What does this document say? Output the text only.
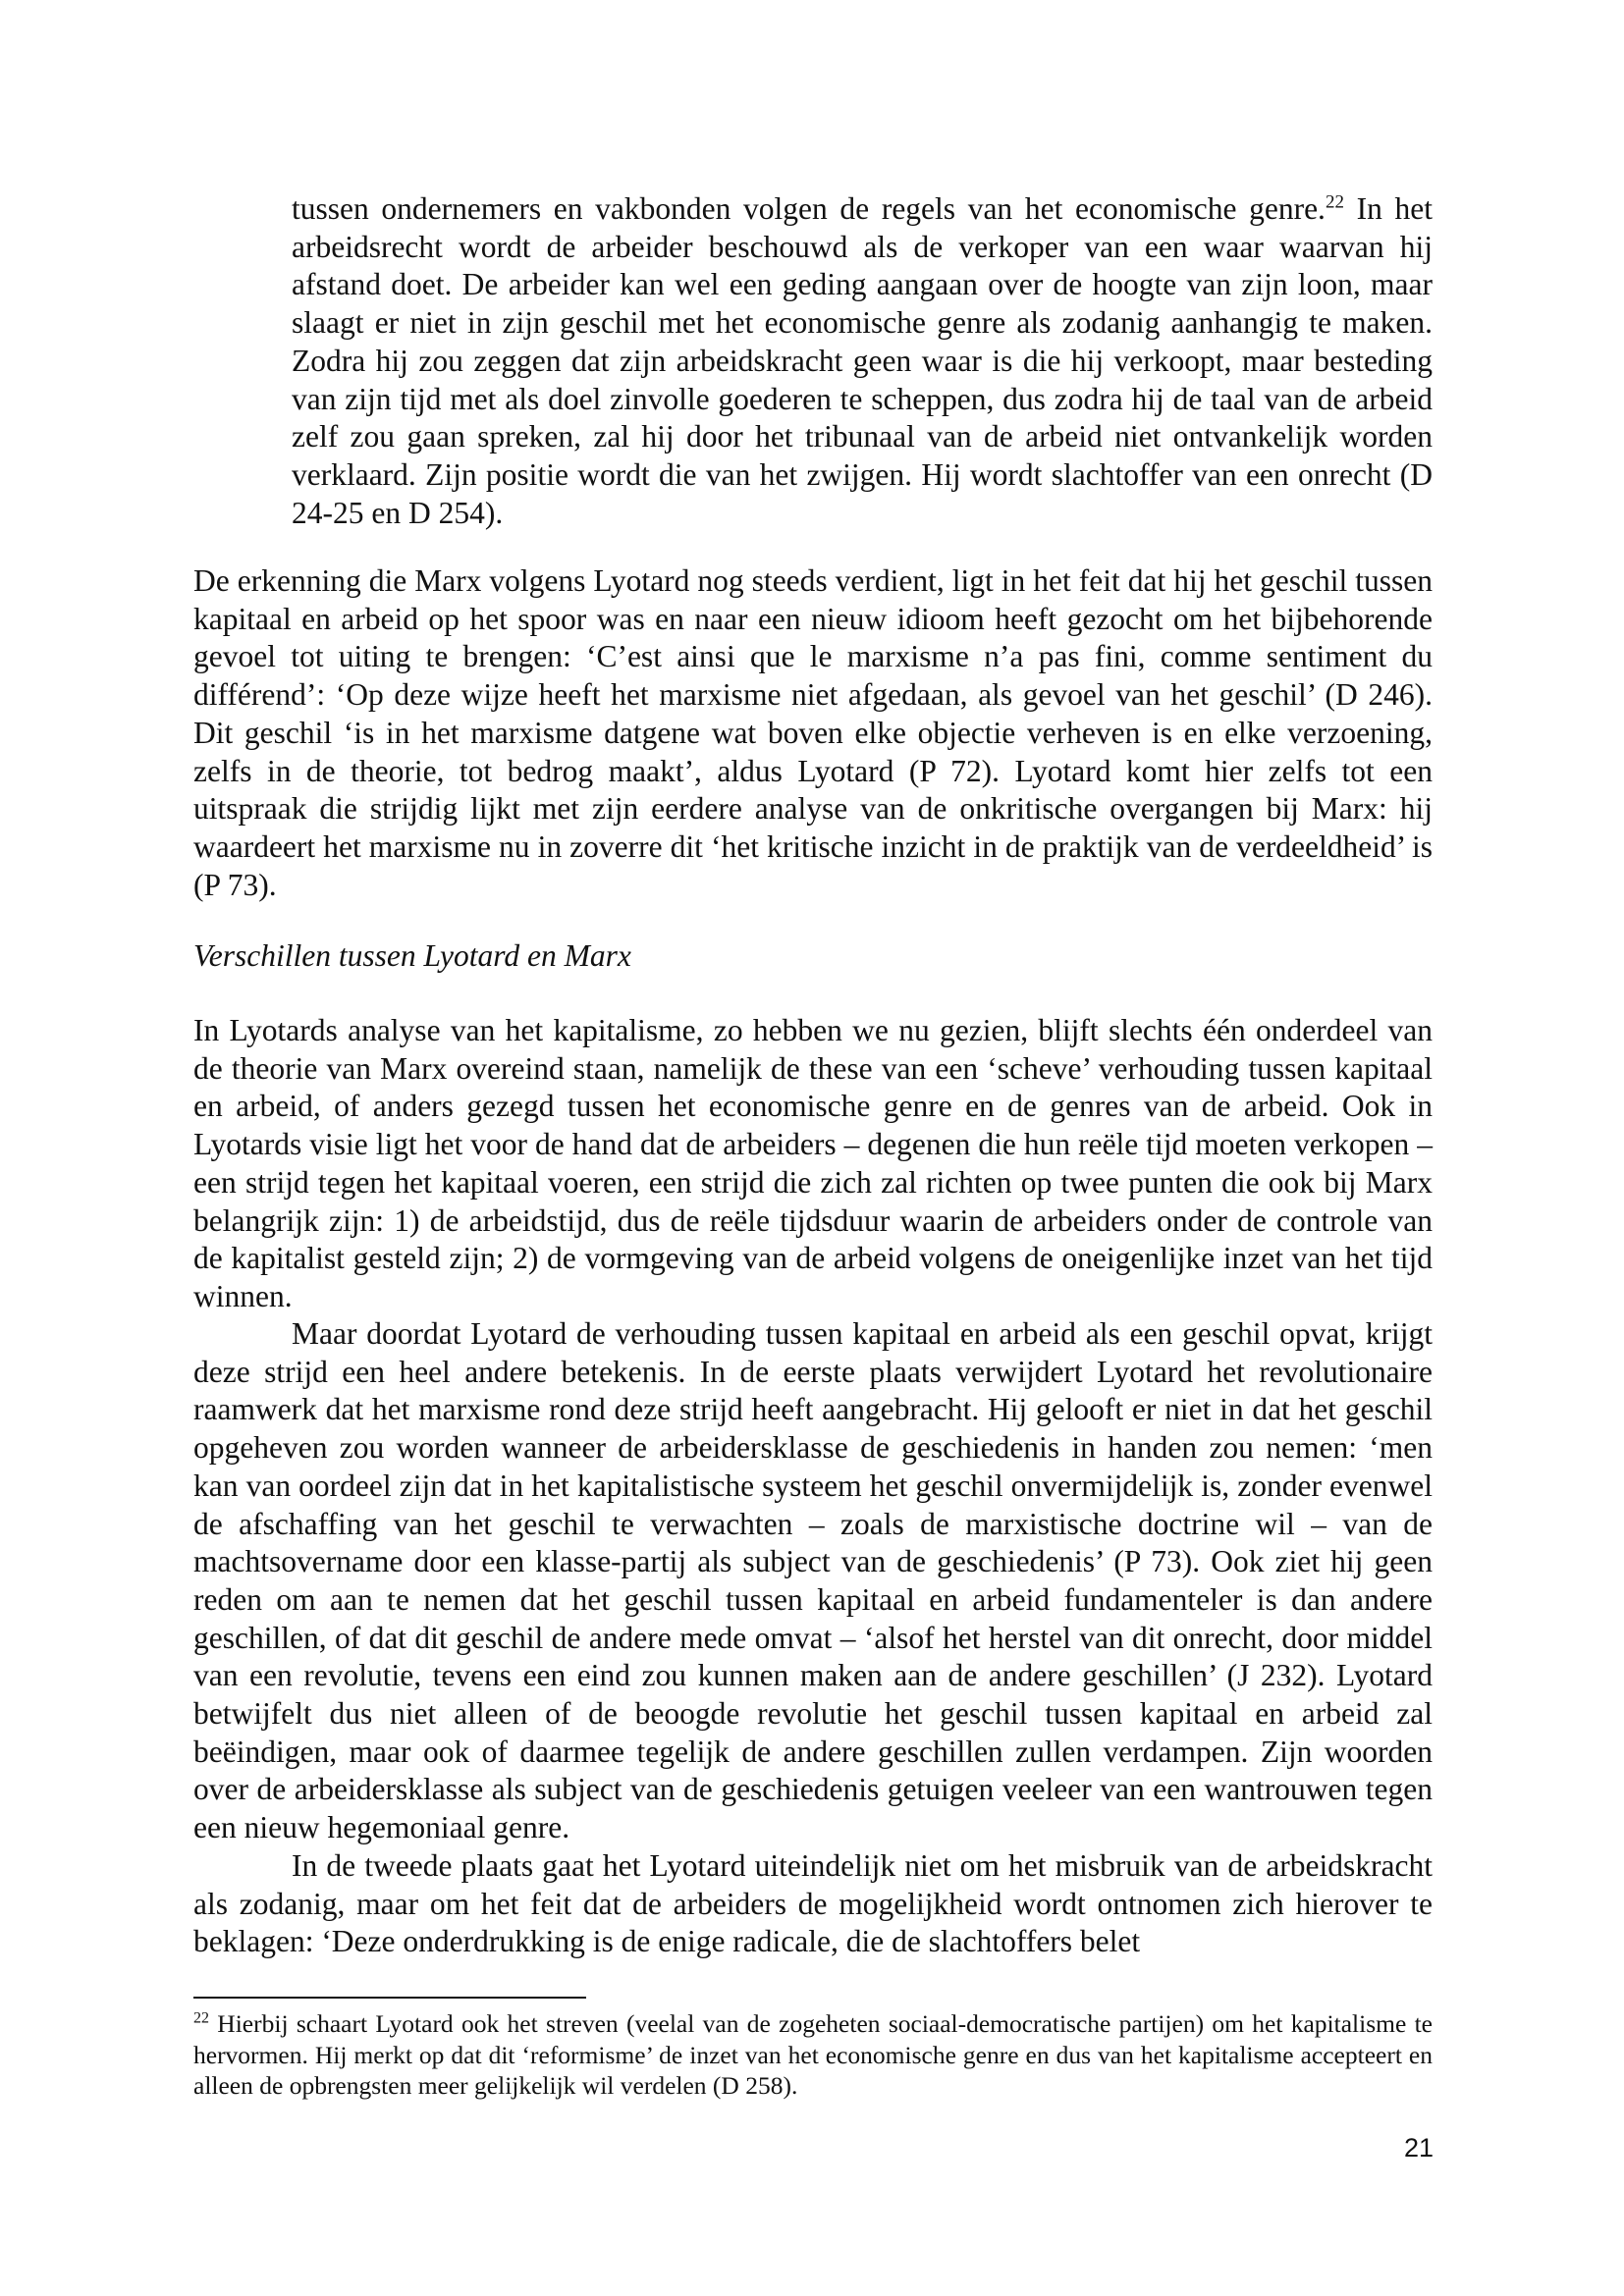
tussen ondernemers en vakbonden volgen de regels van het economische genre.$^{22}$ In het arbeidsrecht wordt de arbeider beschouwd als de verkoper van een waar waarvan hij afstand doet. De arbeider kan wel een geding aangaan over de hoogte van zijn loon, maar slaagt er niet in zijn geschil met het economische genre als zodanig aanhangig te maken. Zodra hij zou zeggen dat zijn arbeidskracht geen waar is die hij verkoopt, maar besteding van zijn tijd met als doel zinvolle goederen te scheppen, dus zodra hij de taal van de arbeid zelf zou gaan spreken, zal hij door het tribunaal van de arbeid niet ontvankelijk worden verklaard. Zijn positie wordt die van het zwijgen. Hij wordt slachtoffer van een onrecht (D 24-25 en D 254).

De erkenning die Marx volgens Lyotard nog steeds verdient, ligt in het feit dat hij het geschil tussen kapitaal en arbeid op het spoor was en naar een nieuw idioom heeft gezocht om het bijbehorende gevoel tot uiting te brengen: ‘C’est ainsi que le marxisme n’a pas fini, comme sentiment du différend’: ‘Op deze wijze heeft het marxisme niet afgedaan, als gevoel van het geschil’ (D 246). Dit geschil ‘is in het marxisme datgene wat boven elke objectie verheven is en elke verzoening, zelfs in de theorie, tot bedrog maakt’, aldus Lyotard (P 72). Lyotard komt hier zelfs tot een uitspraak die strijdig lijkt met zijn eerdere analyse van de onkritische overgangen bij Marx: hij waardeert het marxisme nu in zoverre dit ‘het kritische inzicht in de praktijk van de verdeeldheid’ is (P 73).

Verschillen tussen Lyotard en Marx

In Lyotards analyse van het kapitalisme, zo hebben we nu gezien, blijft slechts één onderdeel van de theorie van Marx overeind staan, namelijk de these van een ‘scheve’ verhouding tussen kapitaal en arbeid, of anders gezegd tussen het economische genre en de genres van de arbeid. Ook in Lyotards visie ligt het voor de hand dat de arbeiders – degenen die hun reële tijd moeten verkopen – een strijd tegen het kapitaal voeren, een strijd die zich zal richten op twee punten die ook bij Marx belangrijk zijn: 1) de arbeidstijd, dus de reële tijdsduur waarin de arbeiders onder de controle van de kapitalist gesteld zijn; 2) de vormgeving van de arbeid volgens de oneigenlijke inzet van het tijd winnen.

Maar doordat Lyotard de verhouding tussen kapitaal en arbeid als een geschil opvat, krijgt deze strijd een heel andere betekenis. In de eerste plaats verwijdert Lyotard het revolutionaire raamwerk dat het marxisme rond deze strijd heeft aangebracht. Hij gelooft er niet in dat het geschil opgeheven zou worden wanneer de arbeidersklasse de geschiedenis in handen zou nemen: ‘men kan van oordeel zijn dat in het kapitalistische systeem het geschil onvermijdelijk is, zonder evenwel de afschaffing van het geschil te verwachten – zoals de marxistische doctrine wil – van de machtsovername door een klasse-partij als subject van de geschiedenis’ (P 73). Ook ziet hij geen reden om aan te nemen dat het geschil tussen kapitaal en arbeid fundamenteler is dan andere geschillen, of dat dit geschil de andere mede omvat – ‘alsof het herstel van dit onrecht, door middel van een revolutie, tevens een eind zou kunnen maken aan de andere geschillen’ (J 232). Lyotard betwijfelt dus niet alleen of de beoogde revolutie het geschil tussen kapitaal en arbeid zal beëindigen, maar ook of daarmee tegelijk de andere geschillen zullen verdampen. Zijn woorden over de arbeidersklasse als subject van de geschiedenis getuigen veeleer van een wantrouwen tegen een nieuw hegemoniaal genre.

In de tweede plaats gaat het Lyotard uiteindelijk niet om het misbruik van de arbeidskracht als zodanig, maar om het feit dat de arbeiders de mogelijkheid wordt ontnomen zich hierover te beklagen: ‘Deze onderdrukking is de enige radicale, die de slachtoffers belet

$^{22}$ Hierbij schaart Lyotard ook het streven (veelal van de zogeheten sociaal-democratische partijen) om het kapitalisme te hervormen. Hij merkt op dat dit ‘reformisme’ de inzet van het economische genre en dus van het kapitalisme accepteert en alleen de opbrengsten meer gelijkelijk wil verdelen (D 258).

21
